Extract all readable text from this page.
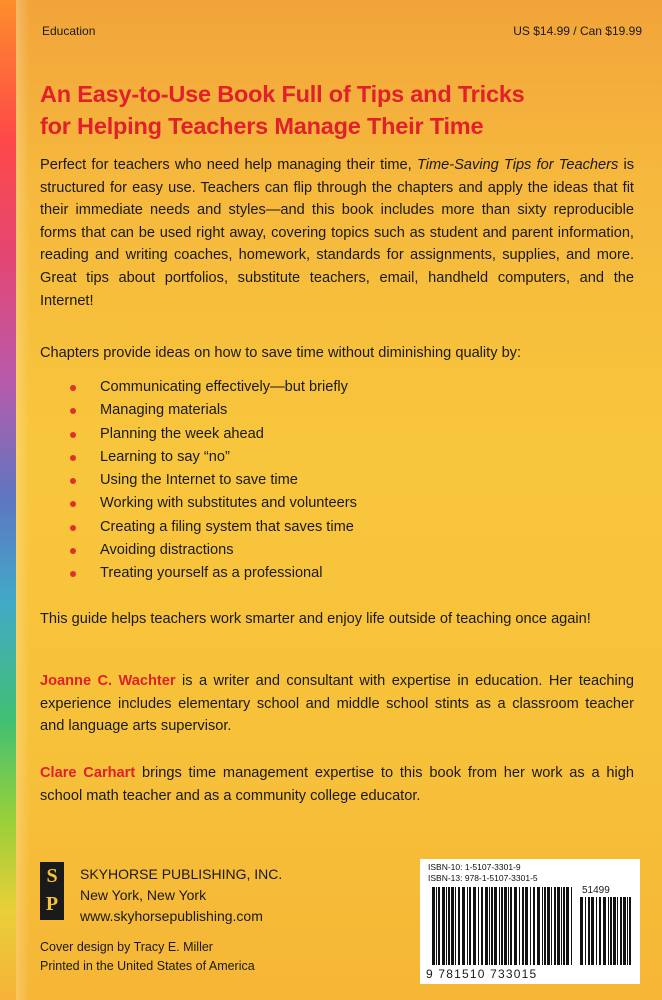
Education	US $14.99 / Can $19.99
An Easy-to-Use Book Full of Tips and Tricks
for Helping Teachers Manage Their Time
Perfect for teachers who need help managing their time, Time-Saving Tips for Teachers is structured for easy use. Teachers can flip through the chapters and apply the ideas that fit their immediate needs and styles—and this book includes more than sixty reproducible forms that can be used right away, covering topics such as student and parent information, reading and writing coaches, homework, standards for assignments, supplies, and more. Great tips about portfolios, substitute teachers, email, handheld computers, and the Internet!
Chapters provide ideas on how to save time without diminishing quality by:
Communicating effectively—but briefly
Managing materials
Planning the week ahead
Learning to say “no”
Using the Internet to save time
Working with substitutes and volunteers
Creating a filing system that saves time
Avoiding distractions
Treating yourself as a professional
This guide helps teachers work smarter and enjoy life outside of teaching once again!
Joanne C. Wachter is a writer and consultant with expertise in education. Her teaching experience includes elementary school and middle school stints as a classroom teacher and language arts supervisor.
Clare Carhart brings time management expertise to this book from her work as a high school math teacher and as a community college educator.
S
P
SKYHORSE PUBLISHING, INC.
New York, New York
www.skyhorsepublishing.com
Cover design by Tracy E. Miller
Printed in the United States of America
ISBN-10: 1-5107-3301-9
ISBN-13: 978-1-5107-3301-5
51499
9 781510 733015
